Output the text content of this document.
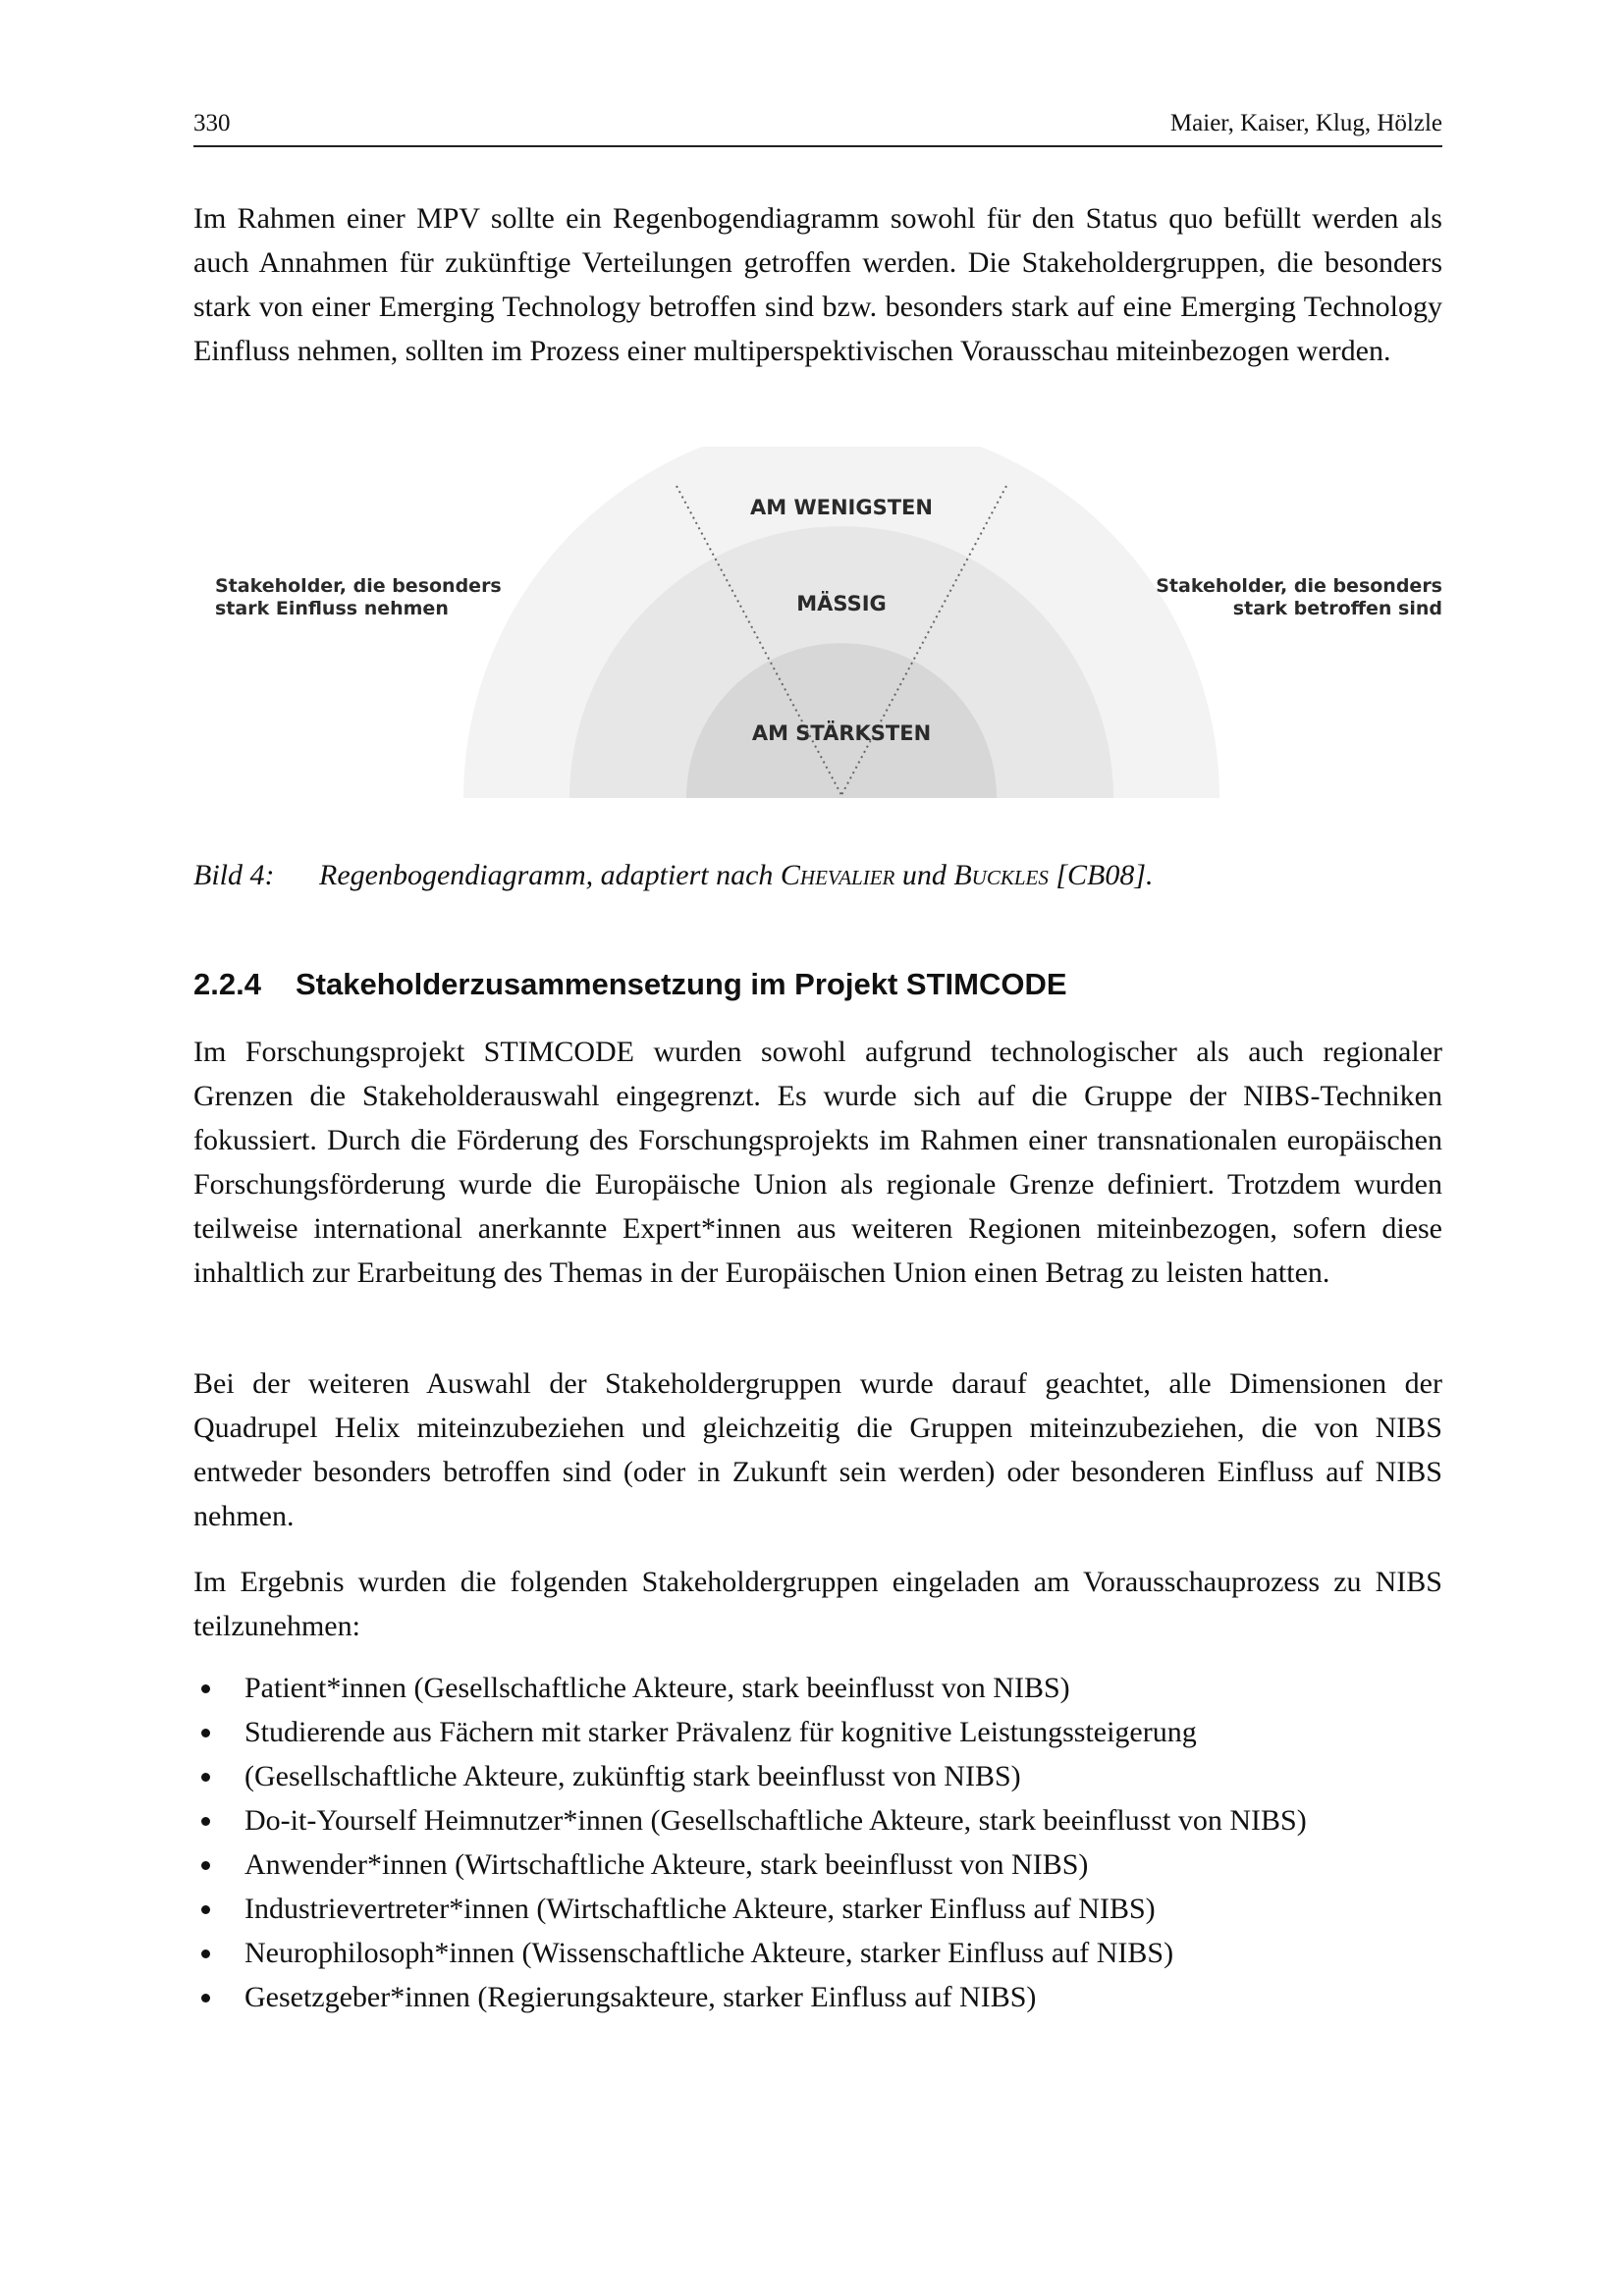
330	Maier, Kaiser, Klug, Hölzle
Im Rahmen einer MPV sollte ein Regenbogendiagramm sowohl für den Status quo befüllt werden als auch Annahmen für zukünftige Verteilungen getroffen werden. Die Stakeholdergruppen, die besonders stark von einer Emerging Technology betroffen sind bzw. besonders stark auf eine Emerging Technology Einfluss nehmen, sollten im Prozess einer multiperspektivischen Vorausschau miteinbezogen werden.
Stakeholder, die besonders
stark Einfluss nehmen
Stakeholder, die besonders
stark betroffen sind
AM WENIGSTEN
MÄSSIG
AM STÄRKSTEN
Bild 4: Regenbogendiagramm, adaptiert nach Chevalier und Buckles [CB08].
2.2.4 Stakeholderzusammensetzung im Projekt STIMCODE
Im Forschungsprojekt STIMCODE wurden sowohl aufgrund technologischer als auch regionaler Grenzen die Stakeholderauswahl eingegrenzt. Es wurde sich auf die Gruppe der NIBS-Techniken fokussiert. Durch die Förderung des Forschungsprojekts im Rahmen einer transnationalen europäischen Forschungsförderung wurde die Europäische Union als regionale Grenze definiert. Trotzdem wurden teilweise international anerkannte Expert*innen aus weiteren Regionen miteinbezogen, sofern diese inhaltlich zur Erarbeitung des Themas in der Europäischen Union einen Betrag zu leisten hatten.
Bei der weiteren Auswahl der Stakeholdergruppen wurde darauf geachtet, alle Dimensionen der Quadrupel Helix miteinzubeziehen und gleichzeitig die Gruppen miteinzubeziehen, die von NIBS entweder besonders betroffen sind (oder in Zukunft sein werden) oder besonderen Einfluss auf NIBS nehmen.
Im Ergebnis wurden die folgenden Stakeholdergruppen eingeladen am Vorausschauprozess zu NIBS teilzunehmen:
Patient*innen (Gesellschaftliche Akteure, stark beeinflusst von NIBS)
Studierende aus Fächern mit starker Prävalenz für kognitive Leistungssteigerung
(Gesellschaftliche Akteure, zukünftig stark beeinflusst von NIBS)
Do-it-Yourself Heimnutzer*innen (Gesellschaftliche Akteure, stark beeinflusst von NIBS)
Anwender*innen (Wirtschaftliche Akteure, stark beeinflusst von NIBS)
Industrievertreter*innen (Wirtschaftliche Akteure, starker Einfluss auf NIBS)
Neurophilosoph*innen (Wissenschaftliche Akteure, starker Einfluss auf NIBS)
Gesetzgeber*innen (Regierungsakteure, starker Einfluss auf NIBS)
